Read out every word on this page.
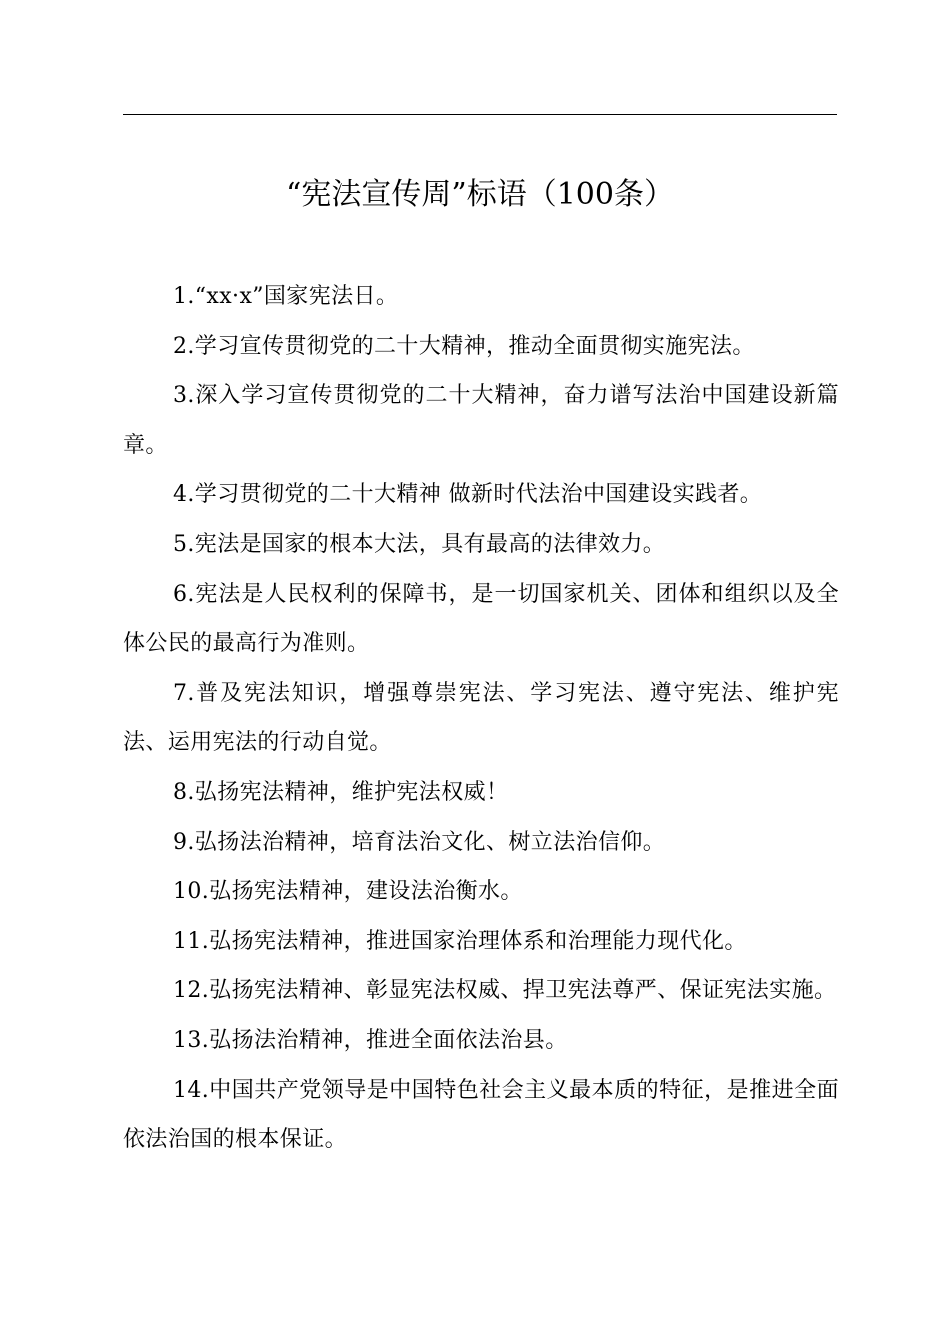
“宪法宣传周”标语（100条）

1.“xx·x”国家宪法日。

2.学习宣传贯彻党的二十大精神，推动全面贯彻实施宪法。

3.深入学习宣传贯彻党的二十大精神，奋力谱写法治中国建设新篇章。

4.学习贯彻党的二十大精神 做新时代法治中国建设实践者。

5.宪法是国家的根本大法，具有最高的法律效力。

6.宪法是人民权利的保障书，是一切国家机关、团体和组织以及全体公民的最高行为准则。

7.普及宪法知识，增强尊崇宪法、学习宪法、遵守宪法、维护宪法、运用宪法的行动自觉。

8.弘扬宪法精神，维护宪法权威！

9.弘扬法治精神，培育法治文化、树立法治信仰。

10.弘扬宪法精神，建设法治衡水。

11.弘扬宪法精神，推进国家治理体系和治理能力现代化。

12.弘扬宪法精神、彰显宪法权威、捍卫宪法尊严、保证宪法实施。

13.弘扬法治精神，推进全面依法治县。

14.中国共产党领导是中国特色社会主义最本质的特征，是推进全面依法治国的根本保证。
